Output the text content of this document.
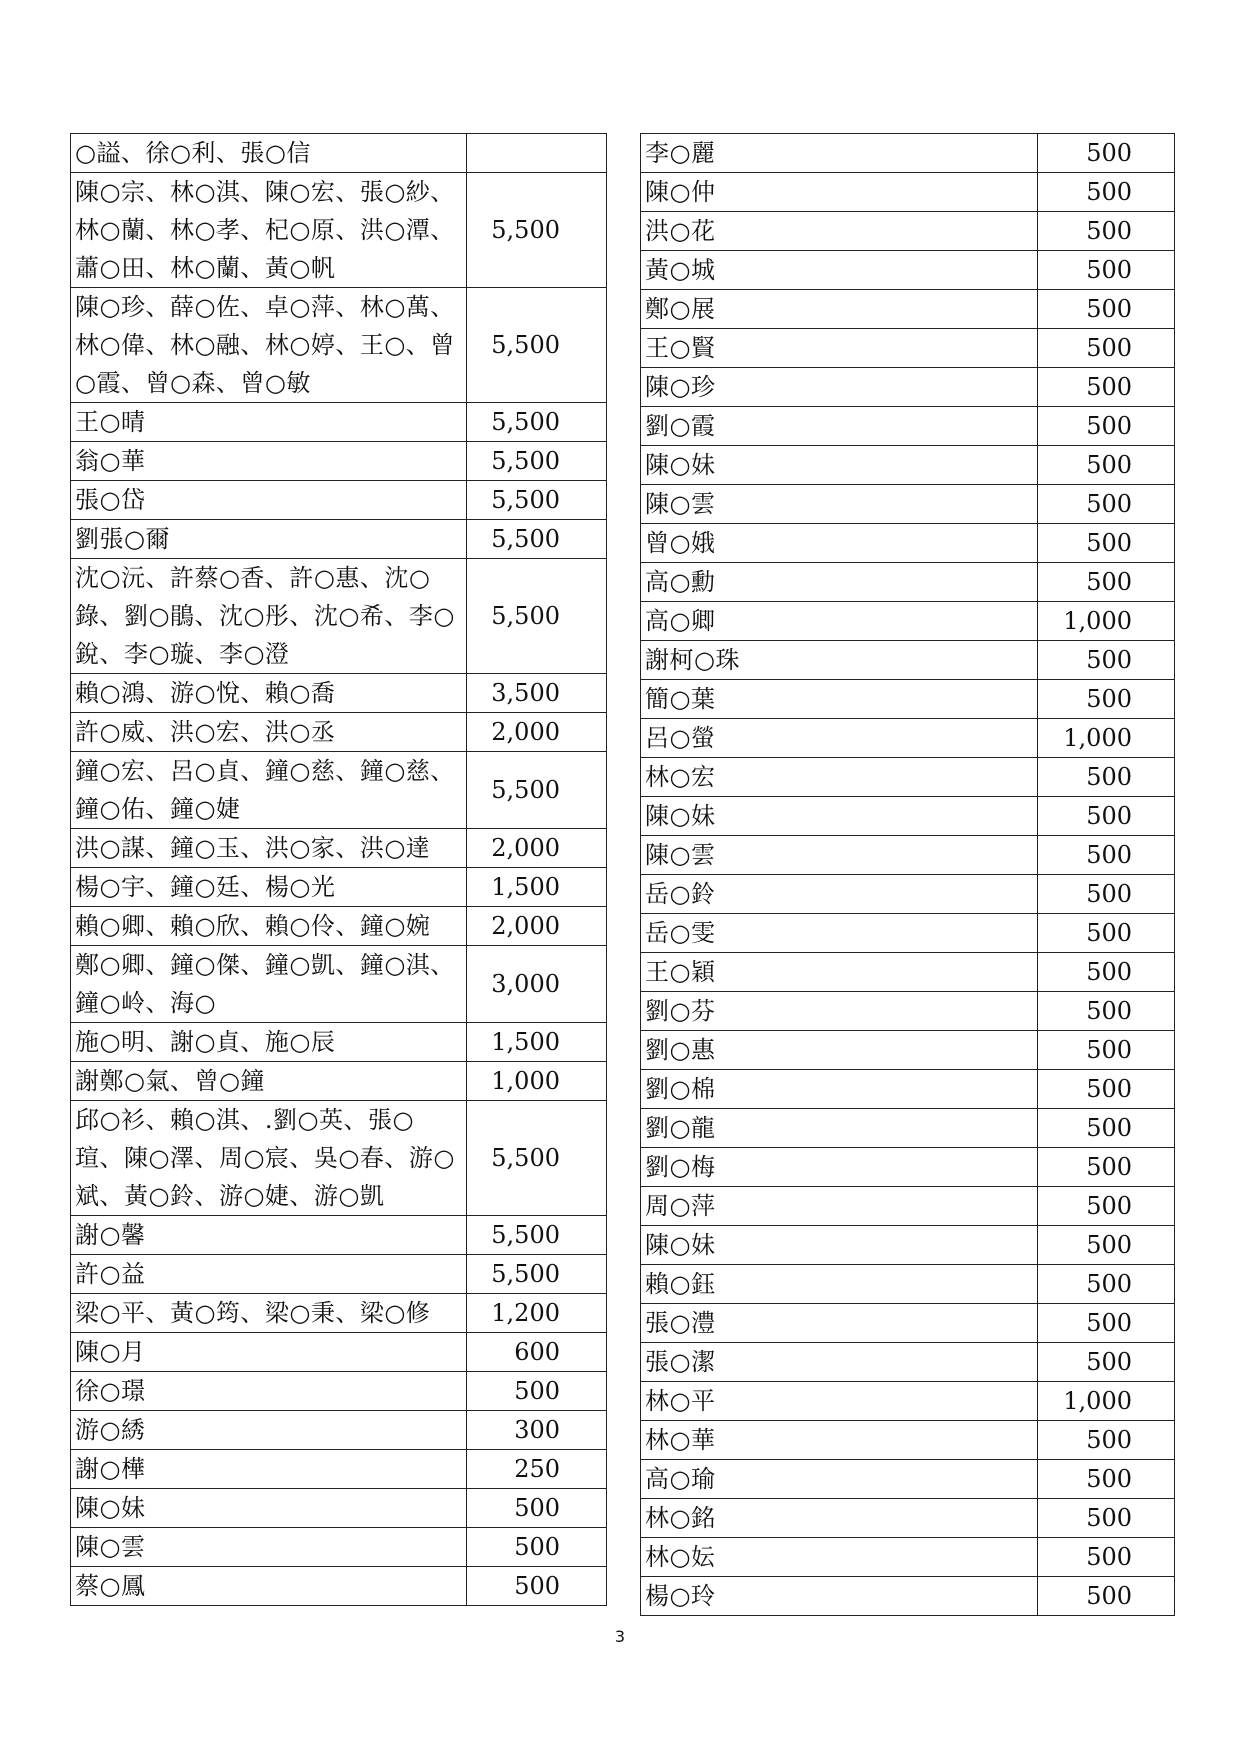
○謚、徐○利、張○信	
陳○宗、林○淇、陳○宏、張○紗、林○蘭、林○孝、杞○原、洪○潭、蕭○田、林○蘭、黃○帆	5,500
陳○珍、薛○佐、卓○萍、林○萬、林○偉、林○融、林○婷、王○、曾○霞、曾○森、曾○敏	5,500
王○晴	5,500
翁○華	5,500
張○岱	5,500
劉張○爾	5,500
沈○沅、許蔡○香、許○惠、沈○錄、劉○鵑、沈○彤、沈○希、李○銳、李○璇、李○澄	5,500
賴○鴻、游○悅、賴○喬	3,500
許○威、洪○宏、洪○丞	2,000
鐘○宏、呂○貞、鐘○慈、鐘○慈、鐘○佑、鐘○婕	5,500
洪○謀、鐘○玉、洪○家、洪○達	2,000
楊○宇、鐘○廷、楊○光	1,500
賴○卿、賴○欣、賴○伶、鐘○婉	2,000
鄭○卿、鐘○傑、鐘○凱、鐘○淇、鐘○岭、海○	3,000
施○明、謝○貞、施○辰	1,500
謝鄭○氣、曾○鐘	1,000
邱○衫、賴○淇、.劉○英、張○瑄、陳○澤、周○宸、吳○春、游○斌、黃○鈴、游○婕、游○凱	5,500
謝○馨	5,500
許○益	5,500
梁○平、黃○筠、梁○秉、梁○修	1,200
陳○月	600
徐○璟	500
游○綉	300
謝○樺	250
陳○妹	500
陳○雲	500
蔡○鳳	500
李○麗	500
陳○仲	500
洪○花	500
黃○城	500
鄭○展	500
王○賢	500
陳○珍	500
劉○霞	500
陳○妹	500
陳○雲	500
曾○娥	500
高○勳	500
高○卿	1,000
謝柯○珠	500
簡○葉	500
呂○螢	1,000
林○宏	500
陳○妹	500
陳○雲	500
岳○鈴	500
岳○雯	500
王○穎	500
劉○芬	500
劉○惠	500
劉○棉	500
劉○龍	500
劉○梅	500
周○萍	500
陳○妹	500
賴○鈺	500
張○澧	500
張○潔	500
林○平	1,000
林○華	500
高○瑜	500
林○銘	500
林○妘	500
楊○玲	500
3
